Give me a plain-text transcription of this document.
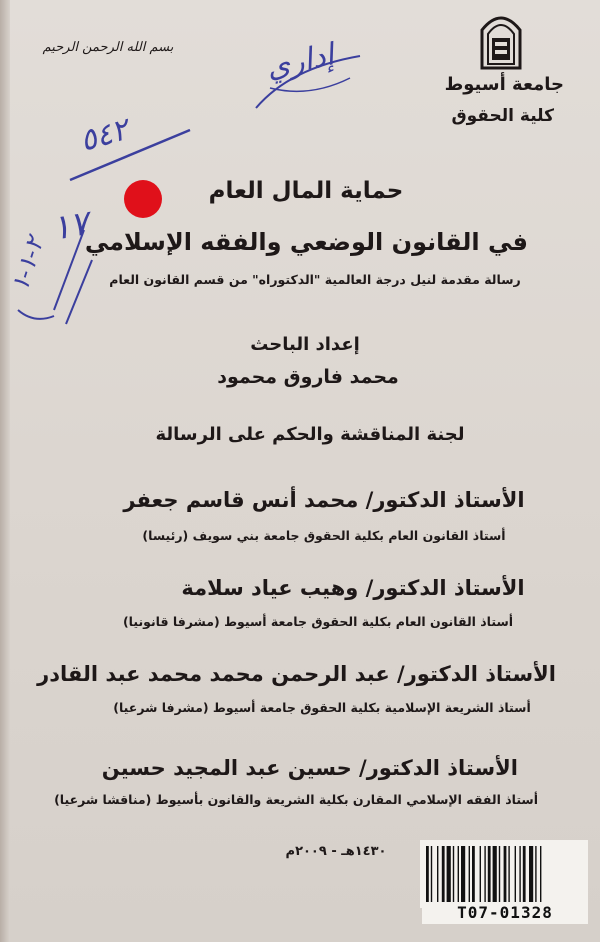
بسم الله الرحمن الرحيم
جامعة أسيوط
كلية الحقوق
إداري
٥٤٢
١٧
٢-١-١
حماية المال العام
في القانون الوضعي والفقه الإسلامي
رسالة مقدمة لنيل درجة العالمية "الدكتوراه" من قسم القانون العام
إعداد الباحث
محمد فاروق محمود
لجنة المناقشة والحكم على الرسالة
الأستاذ الدكتور/ محمد أنس قاسم جعفر
أستاذ القانون العام بكلية الحقوق جامعة بني سويف (رئيسا)
الأستاذ الدكتور/ وهيب عياد سلامة
أستاذ القانون العام بكلية الحقوق جامعة أسيوط (مشرفا قانونيا)
الأستاذ الدكتور/ عبد الرحمن محمد محمد عبد القادر
أستاذ الشريعة الإسلامية بكلية الحقوق جامعة أسيوط (مشرفا شرعيا)
الأستاذ الدكتور/ حسين عبد المجيد حسين
أستاذ الفقه الإسلامي المقارن بكلية الشريعة والقانون بأسيوط (مناقشا شرعيا)
١٤٣٠هـ - ٢٠٠٩م
T07-01328
